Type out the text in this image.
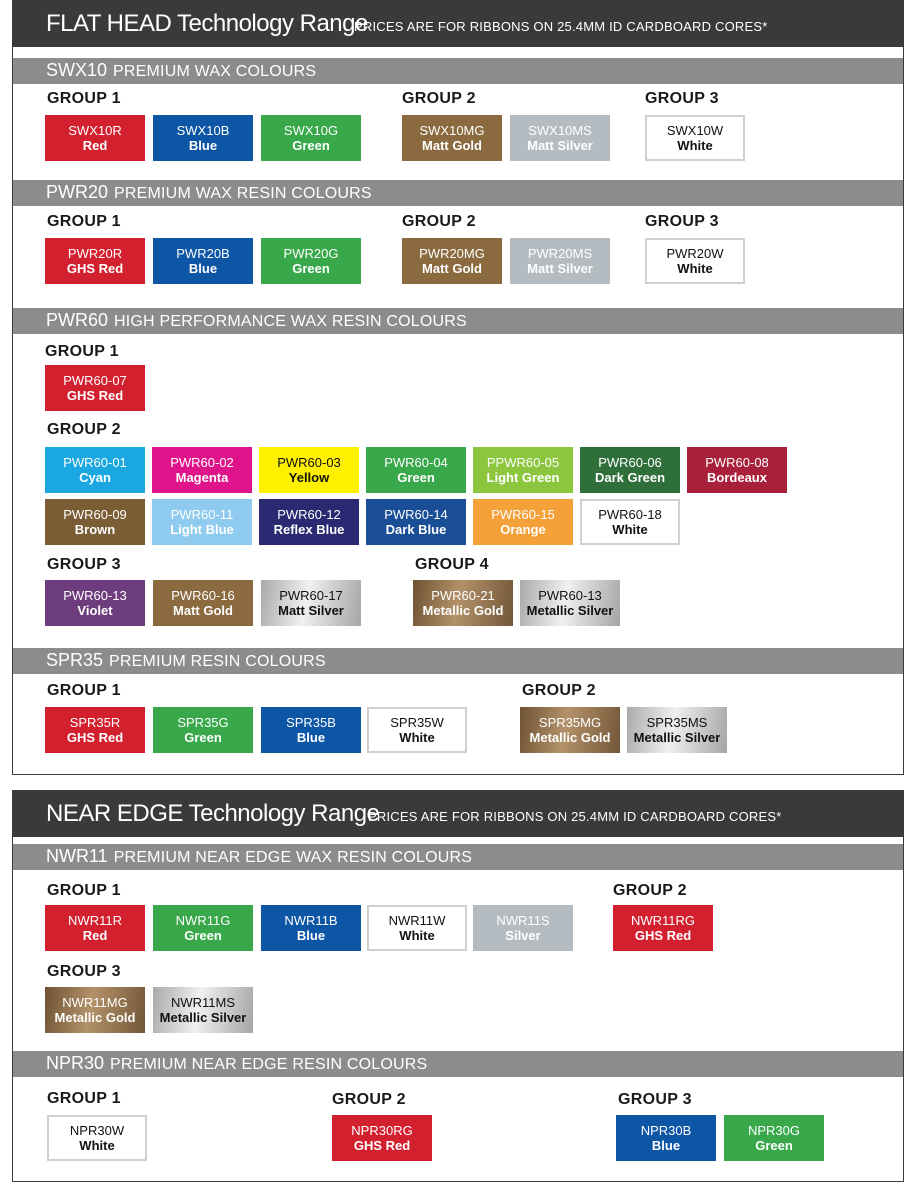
FLAT HEAD Technology Range
PRICES ARE FOR RIBBONS ON 25.4MM ID CARDBOARD CORES*
SWX10 PREMIUM WAX COLOURS
GROUP 1	GROUP 2	GROUP 3
SWX10R
Red
SWX10B
Blue
SWX10G
Green
SWX10MG
Matt Gold
SWX10MS
Matt Silver
SWX10W
White
PWR20 PREMIUM WAX RESIN COLOURS
GROUP 1	GROUP 2	GROUP 3
PWR20R
GHS Red
PWR20B
Blue
PWR20G
Green
PWR20MG
Matt Gold
PWR20MS
Matt Silver
PWR20W
White
PWR60 HIGH PERFORMANCE WAX RESIN COLOURS
GROUP 1
PWR60-07
GHS Red
GROUP 2
PWR60-01
Cyan
PWR60-02
Magenta
PWR60-03
Yellow
PWR60-04
Green
PPWR60-05
Light Green
PWR60-06
Dark Green
PWR60-08
Bordeaux
PWR60-09
Brown
PWR60-11
Light Blue
PWR60-12
Reflex Blue
PWR60-14
Dark Blue
PWR60-15
Orange
PWR60-18
White
GROUP 3	GROUP 4
PWR60-13
Violet
PWR60-16
Matt Gold
PWR60-17
Matt Silver
PWR60-21
Metallic Gold
PWR60-13
Metallic Silver
SPR35 PREMIUM RESIN COLOURS
GROUP 1	GROUP 2
SPR35R
GHS Red
SPR35G
Green
SPR35B
Blue
SPR35W
White
SPR35MG
Metallic Gold
SPR35MS
Metallic Silver
NEAR EDGE Technology Range
PRICES ARE FOR RIBBONS ON 25.4MM ID CARDBOARD CORES*
NWR11 PREMIUM NEAR EDGE WAX RESIN COLOURS
GROUP 1	GROUP 2
NWR11R
Red
NWR11G
Green
NWR11B
Blue
NWR11W
White
NWR11S
Silver
NWR11RG
GHS Red
GROUP 3
NWR11MG
Metallic Gold
NWR11MS
Metallic Silver
NPR30 PREMIUM NEAR EDGE RESIN COLOURS
GROUP 1	GROUP 2	GROUP 3
NPR30W
White
NPR30RG
GHS Red
NPR30B
Blue
NPR30G
Green
